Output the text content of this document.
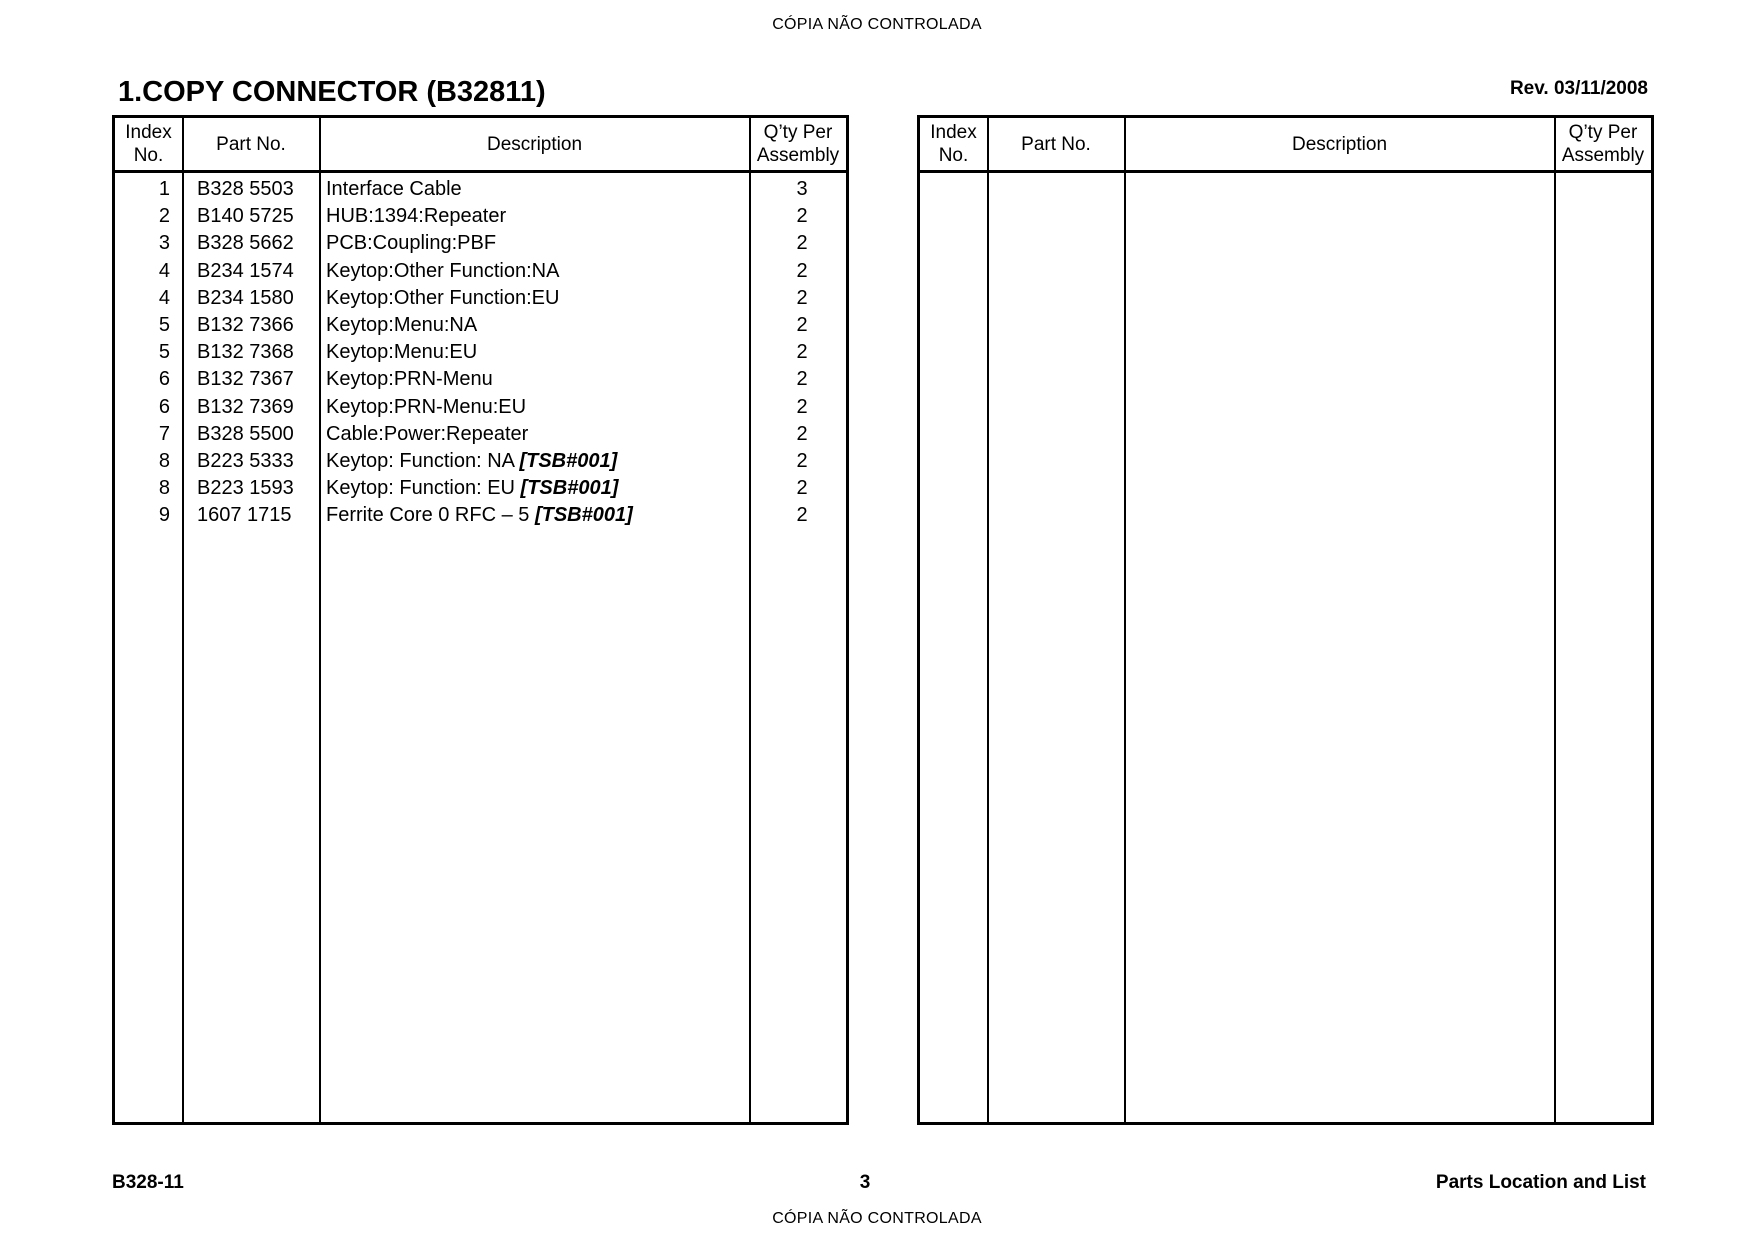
CÓPIA NÃO CONTROLADA
1.COPY CONNECTOR (B32811)	Rev. 03/11/2008
Index
No.
Part No.	Description
Q’ty Per
Assembly
1 B328 5503	Interface Cable	3
2 B140 5725	HUB:1394:Repeater	2
3 B328 5662	PCB:Coupling:PBF	2
4 B234 1574	Keytop:Other Function:NA	2
4 B234 1580	Keytop:Other Function:EU	2
5 B132 7366	Keytop:Menu:NA	2
5 B132 7368	Keytop:Menu:EU	2
6 B132 7367	Keytop:PRN-Menu	2
6 B132 7369	Keytop:PRN-Menu:EU	2
7 B328 5500	Cable:Power:Repeater	2
8 B223 5333	Keytop: Function: NA [TSB#001]	2
8 B223 1593	Keytop: Function: EU [TSB#001]	2
9 1607 1715	Ferrite Core 0 RFC – 5 [TSB#001]	2
Index
No.
Part No.	Description
Q’ty Per
Assembly
B328-11	3	Parts Location and List
CÓPIA NÃO CONTROLADA
